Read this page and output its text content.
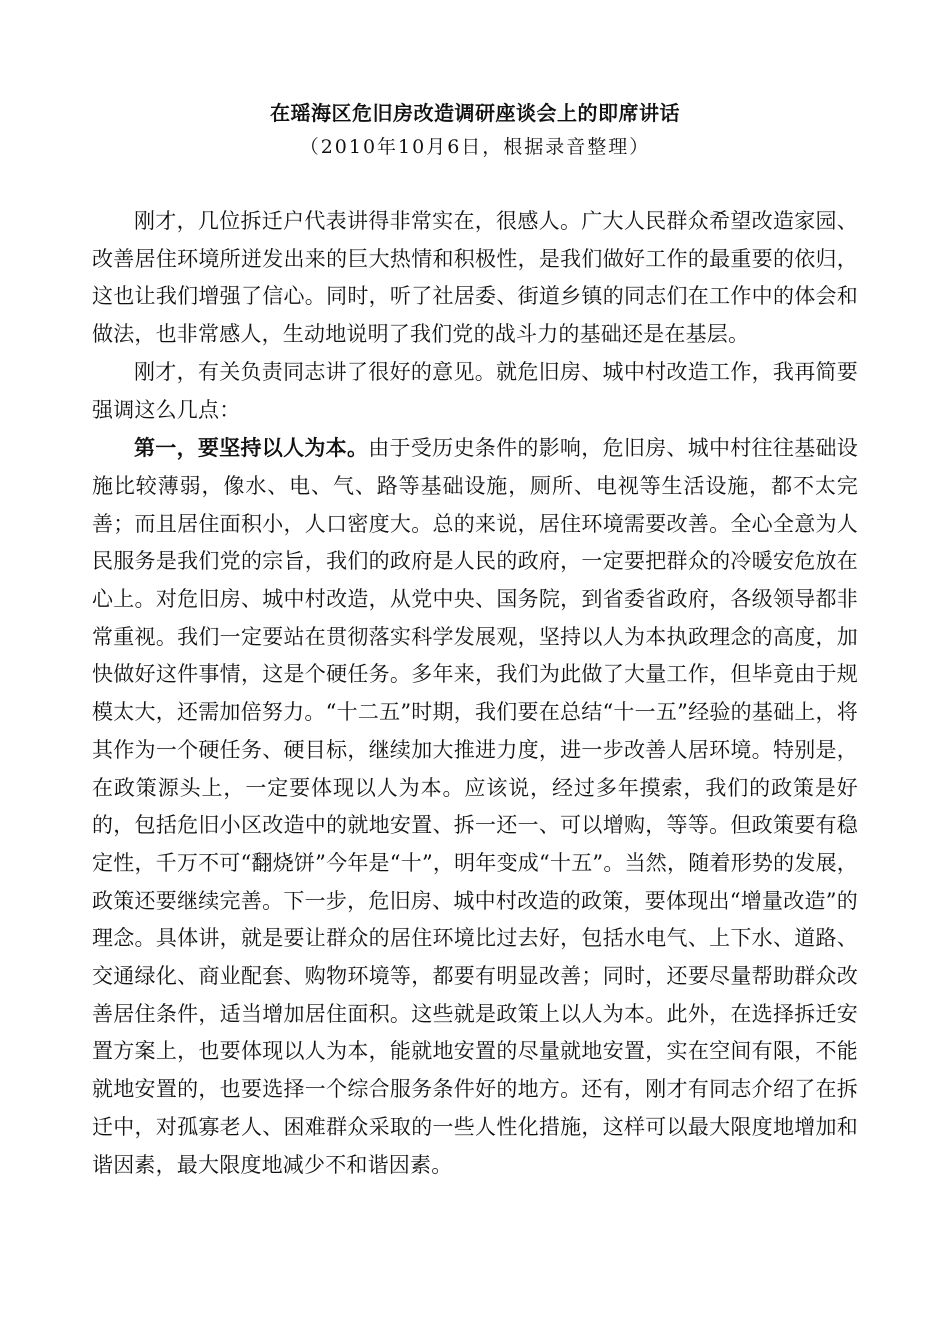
在瑶海区危旧房改造调研座谈会上的即席讲话
（2010年10月6日，根据录音整理）

刚才，几位拆迁户代表讲得非常实在，很感人。广大人民群众希望改造家园、改善居住环境所迸发出来的巨大热情和积极性，是我们做好工作的最重要的依归，这也让我们增强了信心。同时，听了社居委、街道乡镇的同志们在工作中的体会和做法，也非常感人，生动地说明了我们党的战斗力的基础还是在基层。

刚才，有关负责同志讲了很好的意见。就危旧房、城中村改造工作，我再简要强调这么几点：

第一，要坚持以人为本。由于受历史条件的影响，危旧房、城中村往往基础设施比较薄弱，像水、电、气、路等基础设施，厕所、电视等生活设施，都不太完善；而且居住面积小，人口密度大。总的来说，居住环境需要改善。全心全意为人民服务是我们党的宗旨，我们的政府是人民的政府，一定要把群众的冷暖安危放在心上。对危旧房、城中村改造，从党中央、国务院，到省委省政府，各级领导都非常重视。我们一定要站在贯彻落实科学发展观，坚持以人为本执政理念的高度，加快做好这件事情，这是个硬任务。多年来，我们为此做了大量工作，但毕竟由于规模太大，还需加倍努力。“十二五”时期，我们要在总结“十一五”经验的基础上，将其作为一个硬任务、硬目标，继续加大推进力度，进一步改善人居环境。特别是，在政策源头上，一定要体现以人为本。应该说，经过多年摸索，我们的政策是好的，包括危旧小区改造中的就地安置、拆一还一、可以增购，等等。但政策要有稳定性，千万不可“翻烧饼”今年是“十”，明年变成“十五”。当然，随着形势的发展，政策还要继续完善。下一步，危旧房、城中村改造的政策，要体现出“增量改造”的理念。具体讲，就是要让群众的居住环境比过去好，包括水电气、上下水、道路、交通绿化、商业配套、购物环境等，都要有明显改善；同时，还要尽量帮助群众改善居住条件，适当增加居住面积。这些就是政策上以人为本。此外，在选择拆迁安置方案上，也要体现以人为本，能就地安置的尽量就地安置，实在空间有限，不能就地安置的，也要选择一个综合服务条件好的地方。还有，刚才有同志介绍了在拆迁中，对孤寡老人、困难群众采取的一些人性化措施，这样可以最大限度地增加和谐因素，最大限度地减少不和谐因素。
